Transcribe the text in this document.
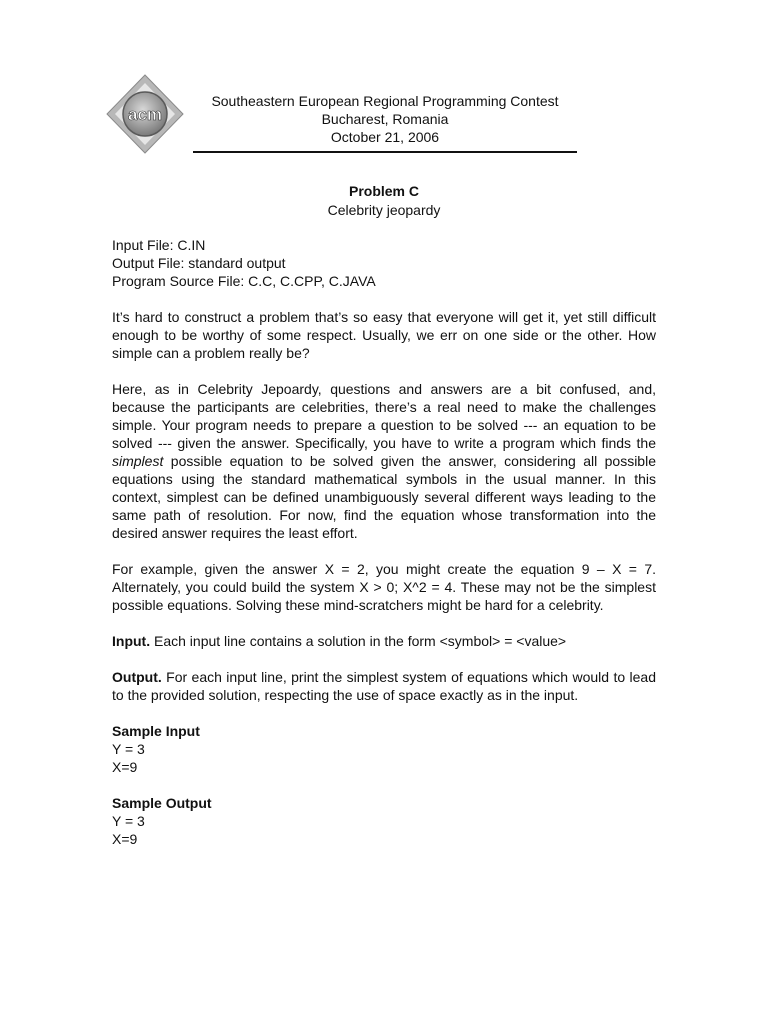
acm
Southeastern European Regional Programming Contest
Bucharest, Romania
October 21, 2006
Problem C
Celebrity jeopardy
Input File: C.IN
Output File: standard output
Program Source File: C.C, C.CPP, C.JAVA

It’s hard to construct a problem that’s so easy that everyone will get it, yet still difficult enough to be worthy of some respect. Usually, we err on one side or the other. How simple can a problem really be?

Here, as in Celebrity Jepoardy, questions and answers are a bit confused, and, because the participants are celebrities, there’s a real need to make the challenges simple. Your program needs to prepare a question to be solved --- an equation to be solved --- given the answer. Specifically, you have to write a program which finds the simplest possible equation to be solved given the answer, considering all possible equations using the standard mathematical symbols in the usual manner. In this context, simplest can be defined unambiguously several different ways leading to the same path of resolution. For now, find the equation whose transformation into the desired answer requires the least effort.

For example, given the answer X = 2, you might create the equation 9 – X = 7. Alternately, you could build the system X > 0; X^2 = 4. These may not be the simplest possible equations. Solving these mind-scratchers might be hard for a celebrity.

Input. Each input line contains a solution in the form <symbol> = <value>

Output. For each input line, print the simplest system of equations which would to lead to the provided solution, respecting the use of space exactly as in the input.

Sample Input
Y = 3
X=9
Sample Output
Y = 3
X=9
